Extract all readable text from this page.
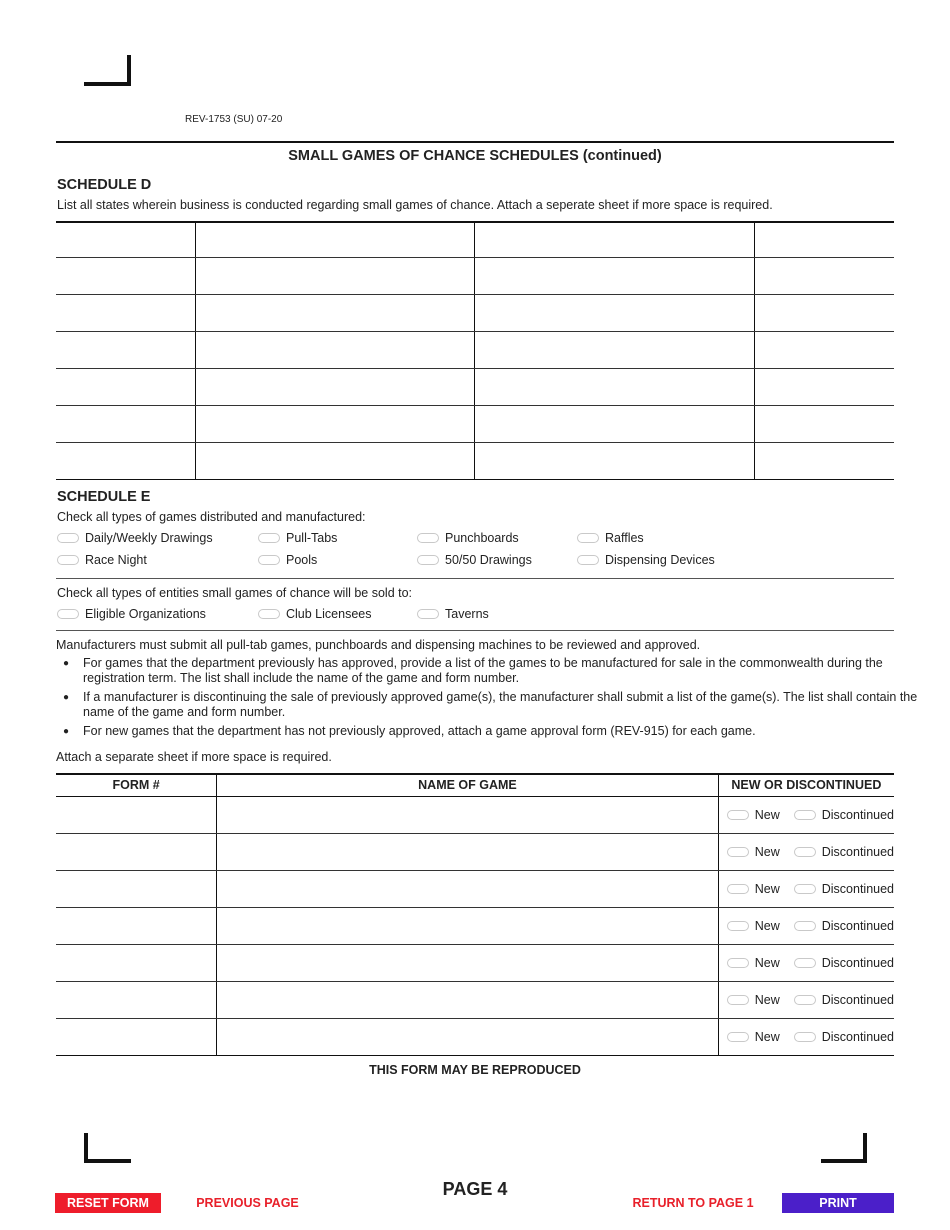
REV-1753 (SU) 07-20
SMALL GAMES OF CHANCE SCHEDULES (continued)
SCHEDULE D
List all states wherein business is conducted regarding small games of chance. Attach a seperate sheet if more space is required.

SCHEDULE E
Check all types of games distributed and manufactured:
Daily/Weekly Drawings	Pull-Tabs	Punchboards	Raffles
Race Night	Pools	50/50 Drawings	Dispensing Devices
Check all types of entities small games of chance will be sold to:
Eligible Organizations	Club Licensees	Taverns
Manufacturers must submit all pull-tab games, punchboards and dispensing machines to be reviewed and approved.
● For games that the department previously has approved, provide a list of the games to be manufactured for sale in the commonwealth during the registration term. The list shall include the name of the game and form number.
● If a manufacturer is discontinuing the sale of previously approved game(s), the manufacturer shall submit a list of the game(s). The list shall contain the name of the game and form number.
● For new games that the department has not previously approved, attach a game approval form (REV-915) for each game.
Attach a separate sheet if more space is required.
FORM #	NAME OF GAME	NEW OR DISCONTINUED

		New Discontinued

		New Discontinued

		New Discontinued

		New Discontinued

		New Discontinued

		New Discontinued

		New Discontinued
THIS FORM MAY BE REPRODUCED
PAGE 4
RESET FORM	PREVIOUS PAGE	RETURN TO PAGE 1	PRINT
